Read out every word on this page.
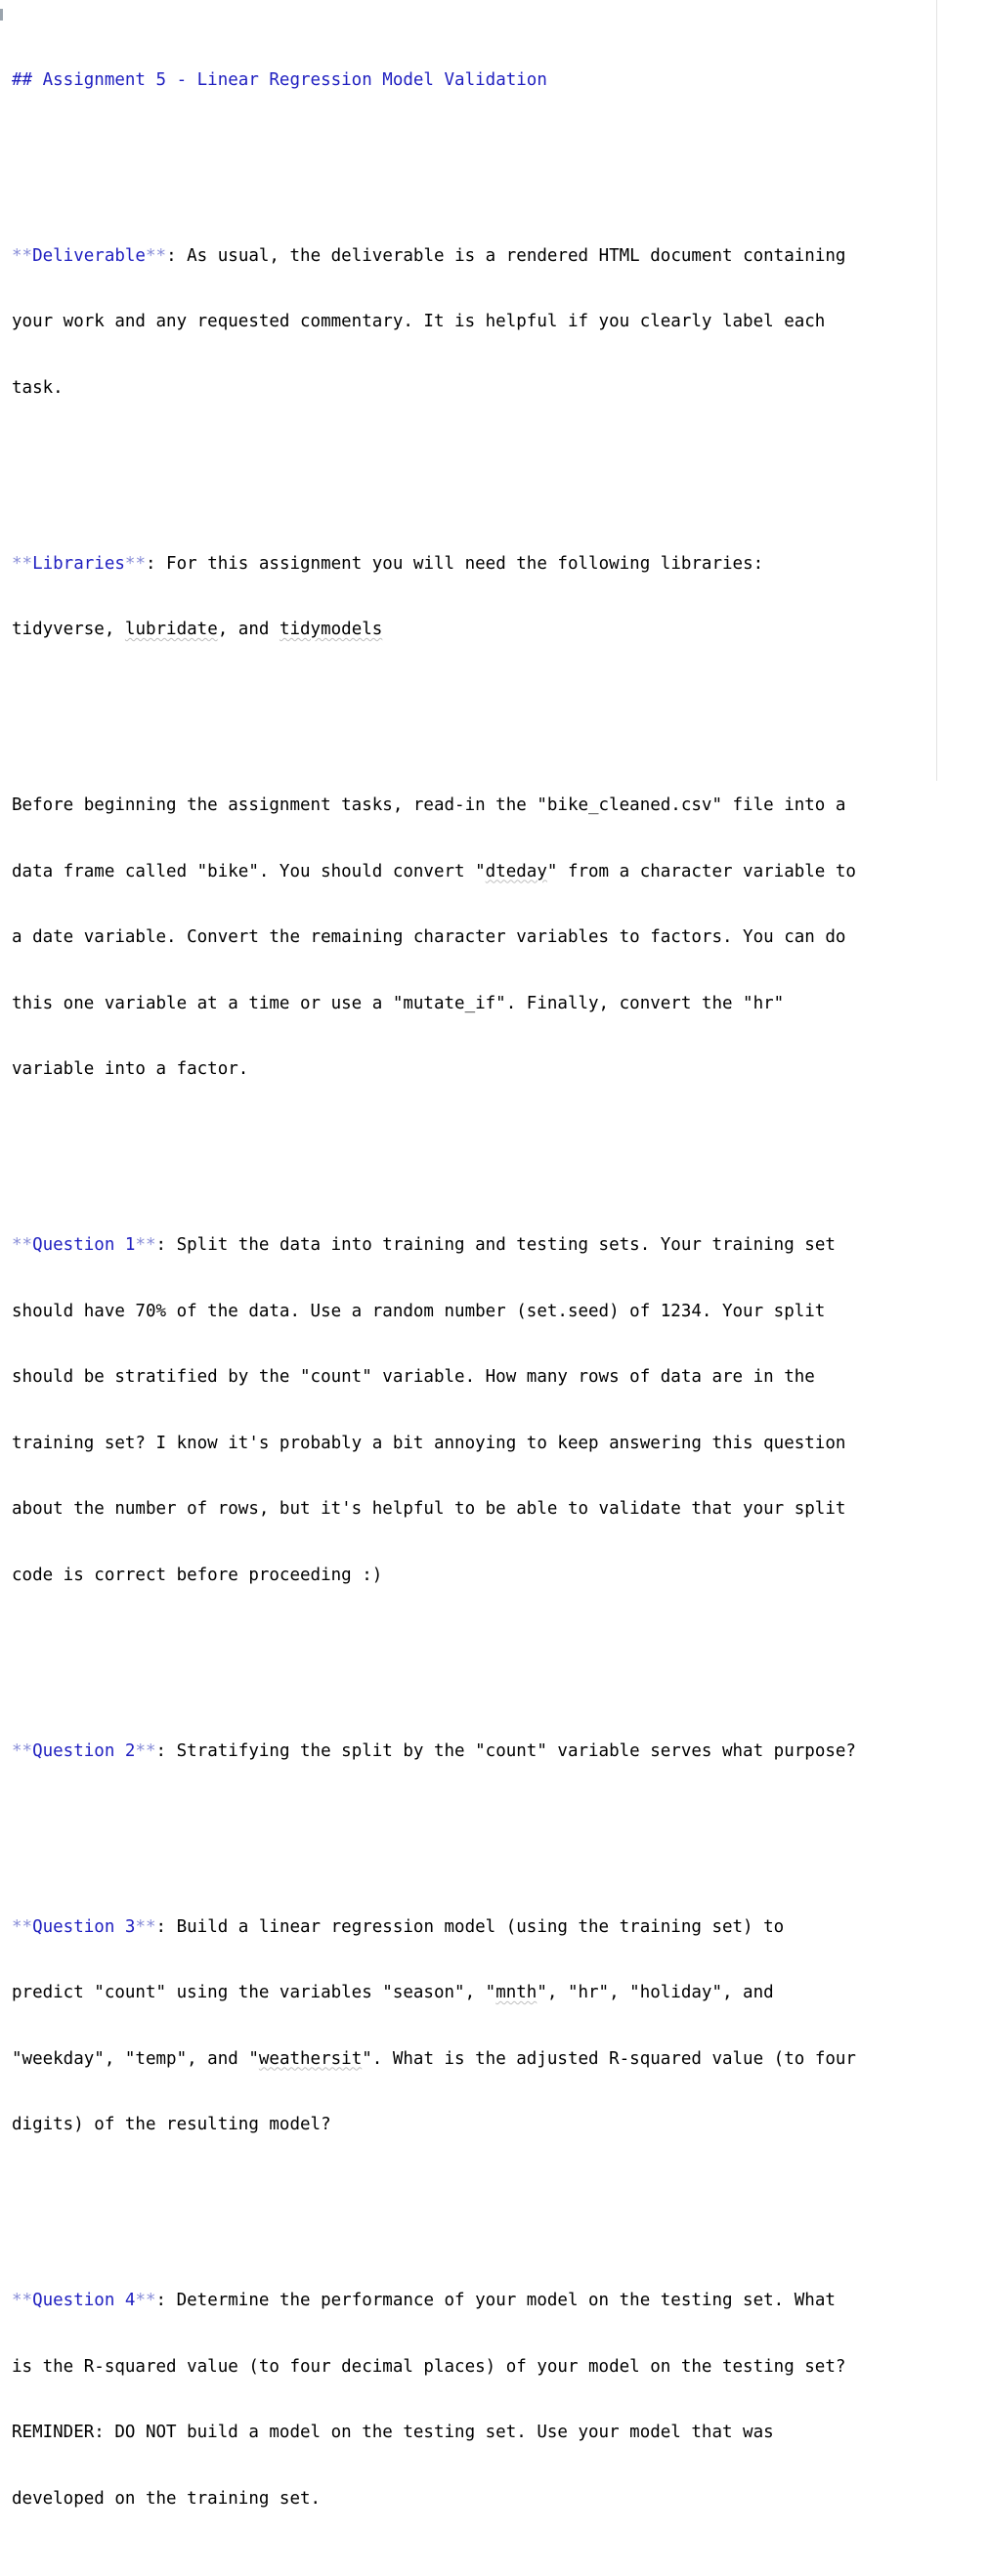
## Assignment 5 - Linear Regression Model Validation

**Deliverable**: As usual, the deliverable is a rendered HTML document containing

your work and any requested commentary. It is helpful if you clearly label each

task.

**Libraries**: For this assignment you will need the following libraries:

tidyverse, lubridate, and tidymodels

Before beginning the assignment tasks, read-in the "bike_cleaned.csv" file into a

data frame called "bike". You should convert "dteday" from a character variable to

a date variable. Convert the remaining character variables to factors. You can do

this one variable at a time or use a "mutate_if". Finally, convert the "hr"

variable into a factor.

**Question 1**: Split the data into training and testing sets. Your training set

should have 70% of the data. Use a random number (set.seed) of 1234. Your split

should be stratified by the "count" variable. How many rows of data are in the

training set? I know it's probably a bit annoying to keep answering this question

about the number of rows, but it's helpful to be able to validate that your split

code is correct before proceeding :)

**Question 2**: Stratifying the split by the "count" variable serves what purpose?

**Question 3**: Build a linear regression model (using the training set) to

predict "count" using the variables "season", "mnth", "hr", "holiday", and

"weekday", "temp", and "weathersit". What is the adjusted R-squared value (to four

digits) of the resulting model?

**Question 4**: Determine the performance of your model on the testing set. What

is the R-squared value (to four decimal places) of your model on the testing set?

REMINDER: DO NOT build a model on the testing set. Use your model that was

developed on the training set.
